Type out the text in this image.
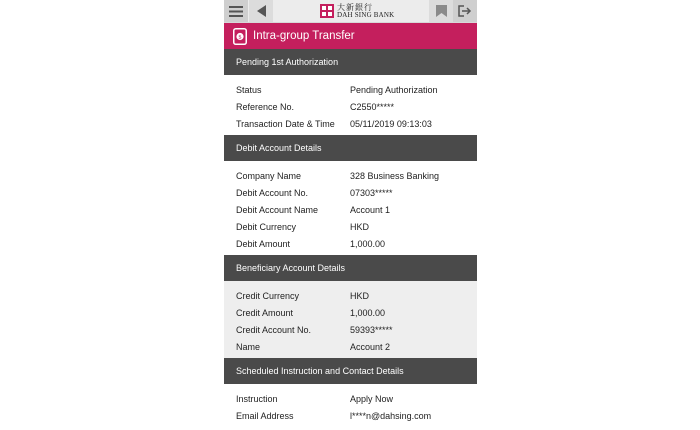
大新銀行
DAH SING BANK
$ Intra-group Transfer
Pending 1st Authorization
Status	Pending Authorization
Reference No.	C2550*****
Transaction Date & Time	05/11/2019 09:13:03
Debit Account Details
Company Name	328 Business Banking
Debit Account No.	07303*****
Debit Account Name	Account 1
Debit Currency	HKD
Debit Amount	1,000.00
Beneficiary Account Details
Credit Currency	HKD
Credit Amount	1,000.00
Credit Account No.	59393*****
Name	Account 2
Scheduled Instruction and Contact Details
Instruction	Apply Now
Email Address	l****n@dahsing.com
